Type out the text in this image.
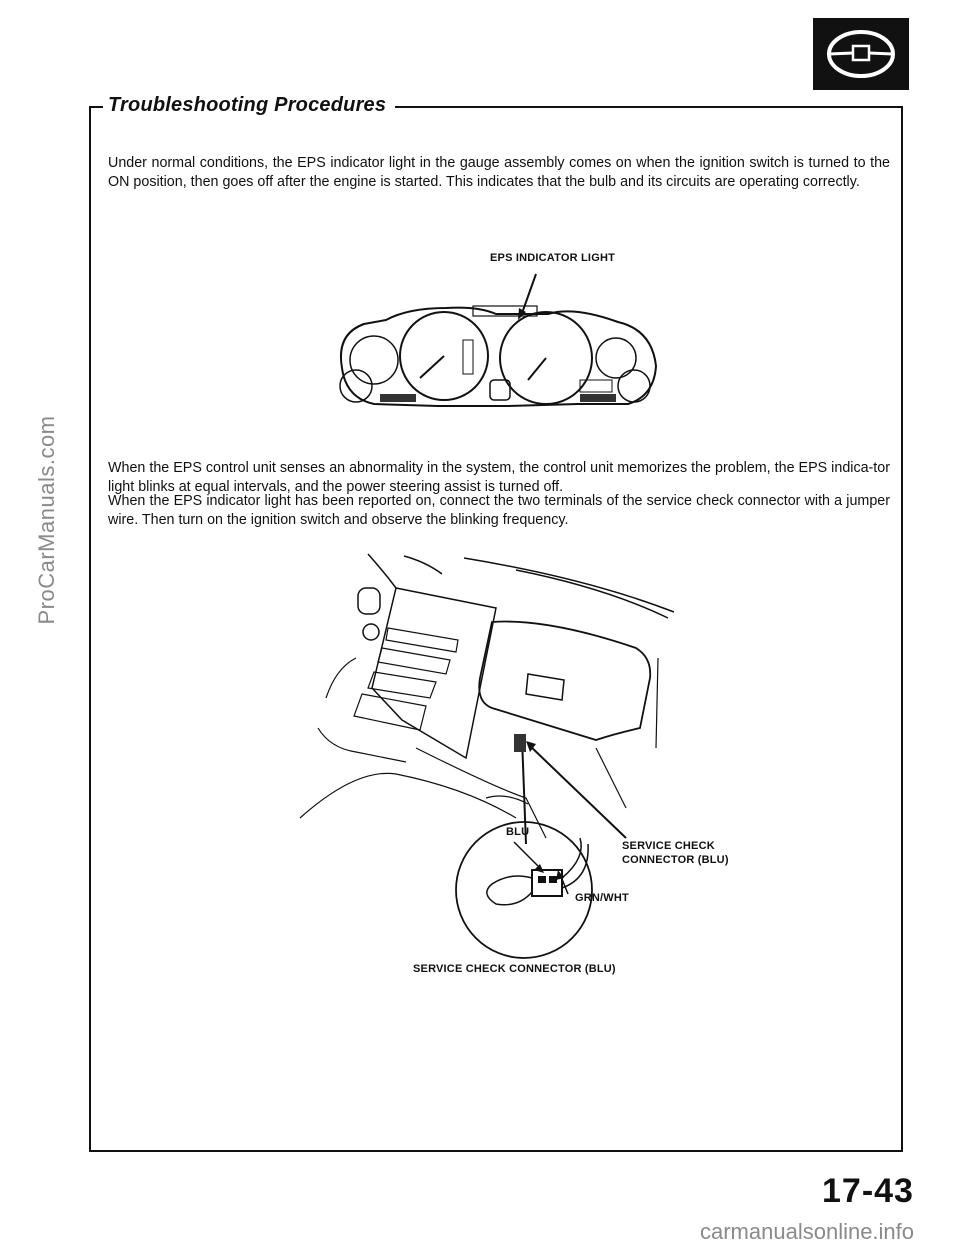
Troubleshooting Procedures

Under normal conditions, the EPS indicator light in the gauge assembly comes on when the ignition switch is turned to the ON position, then goes off after the engine is started. This indicates that the bulb and its circuits are operating correctly.

EPS INDICATOR LIGHT

When the EPS control unit senses an abnormality in the system, the control unit memorizes the problem, the EPS indica-tor light blinks at equal intervals, and the power steering assist is turned off.

When the EPS indicator light has been reported on, connect the two terminals of the service check connector with a jumper wire. Then turn on the ignition switch and observe the blinking frequency.

BLU
SERVICE CHECK
CONNECTOR (BLU)
GRN/WHT
SERVICE CHECK CONNECTOR (BLU)
ProCarManuals.com
carmanualsonline.info
17-43
